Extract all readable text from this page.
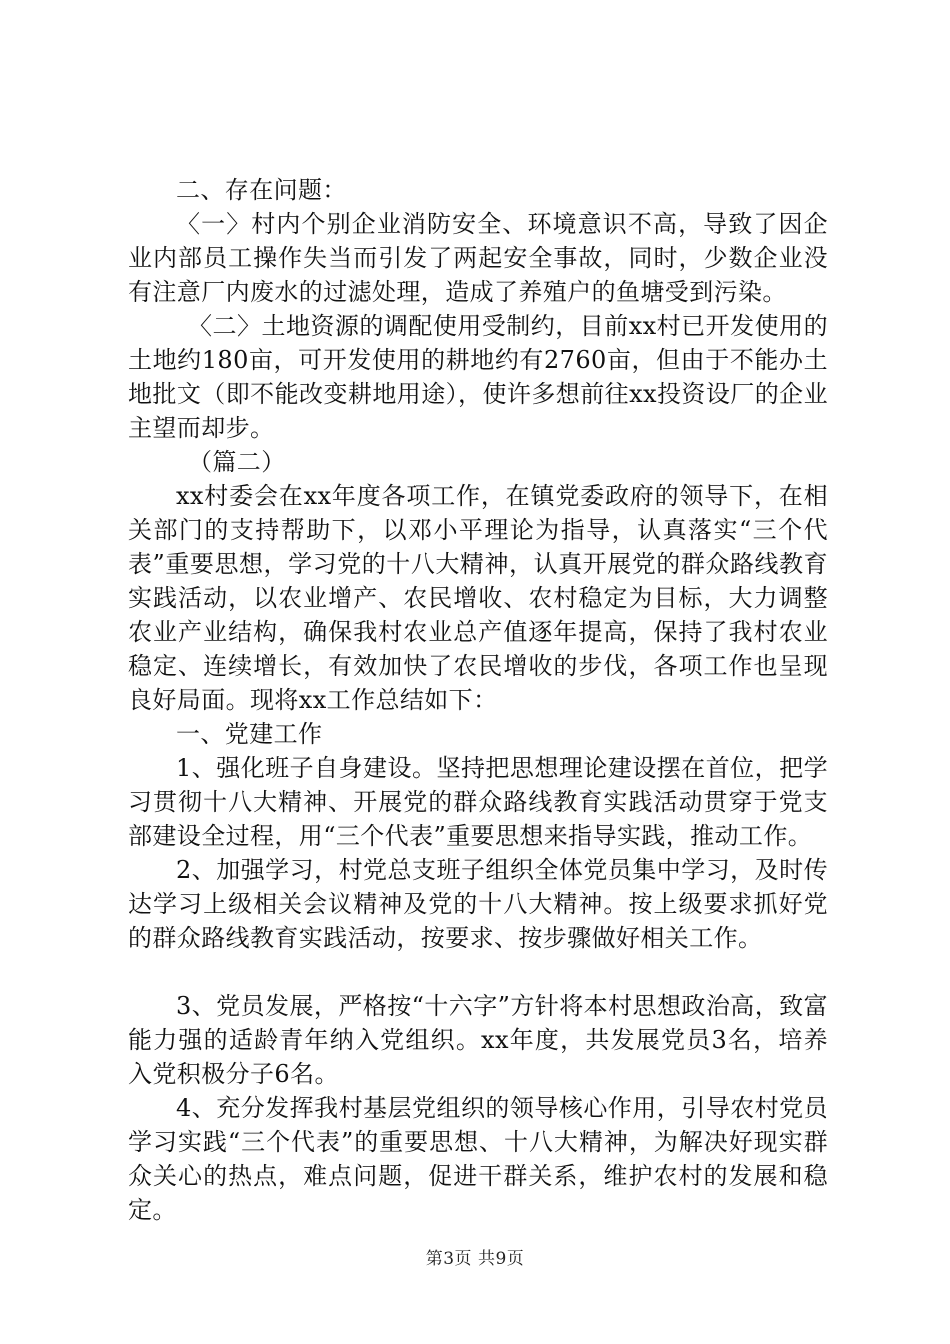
二、存在问题：

〈一〉村内个别企业消防安全、环境意识不高，导致了因企业内部员工操作失当而引发了两起安全事故，同时，少数企业没有注意厂内废水的过滤处理，造成了养殖户的鱼塘受到污染。

〈二〉土地资源的调配使用受制约，目前xx村已开发使用的土地约180亩，可开发使用的耕地约有2760亩，但由于不能办土地批文（即不能改变耕地用途），使许多想前往xx投资设厂的企业主望而却步。

（篇二）

xx村委会在xx年度各项工作，在镇党委政府的领导下，在相关部门的支持帮助下，以邓小平理论为指导，认真落实“三个代表”重要思想，学习党的十八大精神，认真开展党的群众路线教育实践活动，以农业增产、农民增收、农村稳定为目标，大力调整农业产业结构，确保我村农业总产值逐年提高，保持了我村农业稳定、连续增长，有效加快了农民增收的步伐，各项工作也呈现良好局面。现将xx工作总结如下：

一、党建工作

1、强化班子自身建设。坚持把思想理论建设摆在首位，把学习贯彻十八大精神、开展党的群众路线教育实践活动贯穿于党支部建设全过程，用“三个代表”重要思想来指导实践，推动工作。

2、加强学习，村党总支班子组织全体党员集中学习，及时传达学习上级相关会议精神及党的十八大精神。按上级要求抓好党的群众路线教育实践活动，按要求、按步骤做好相关工作。

3、党员发展，严格按“十六字”方针将本村思想政治高，致富能力强的适龄青年纳入党组织。xx年度，共发展党员3名，培养入党积极分子6名。

4、充分发挥我村基层党组织的领导核心作用，引导农村党员学习实践“三个代表”的重要思想、十八大精神，为解决好现实群众关心的热点，难点问题，促进干群关系，维护农村的发展和稳定。

第3页 共9页
